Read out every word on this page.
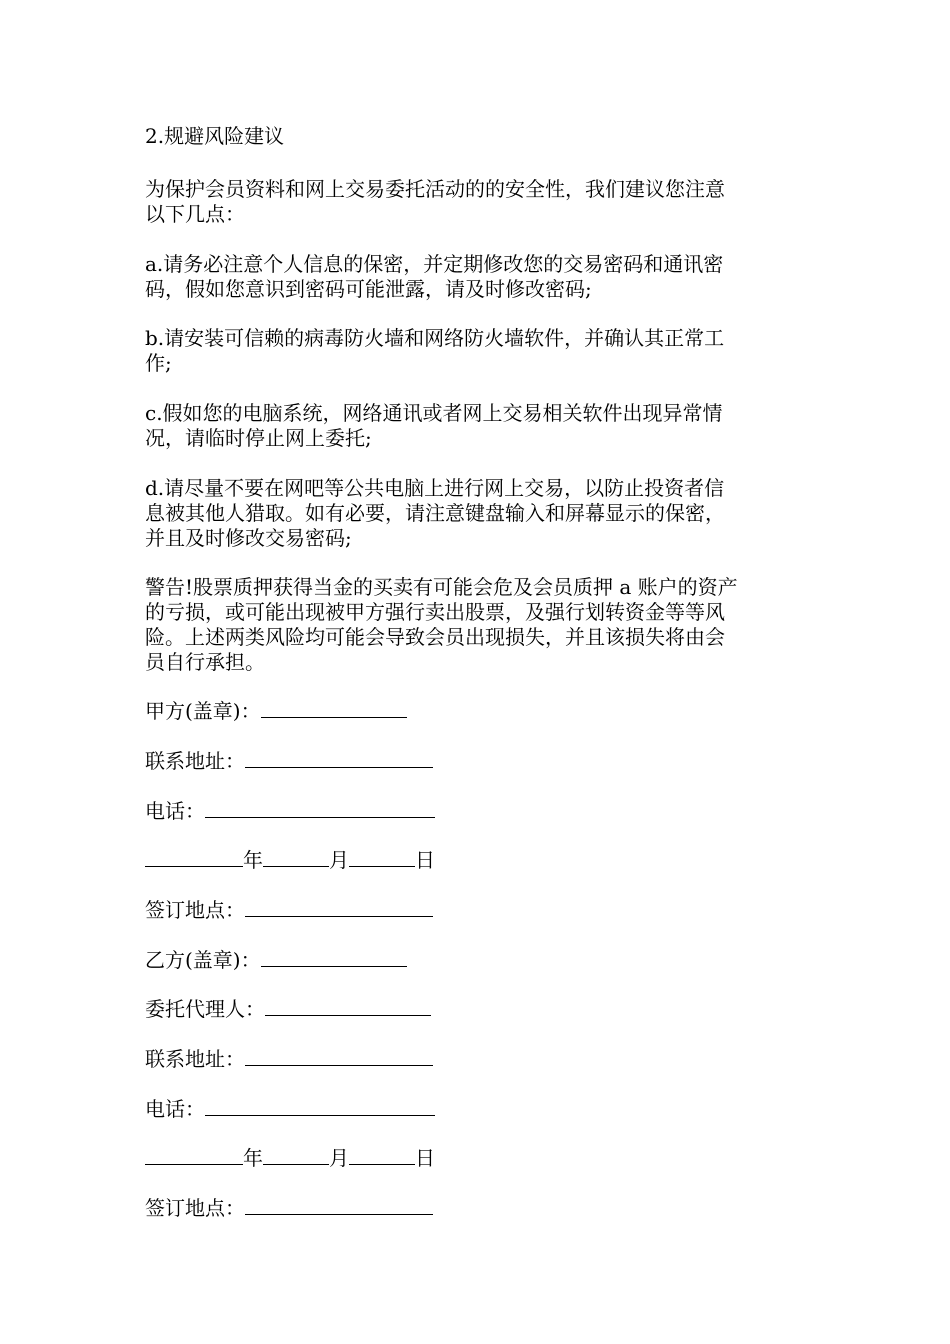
2.规避风险建议
为保护会员资料和网上交易委托活动的的安全性，我们建议您注意
以下几点：
a.请务必注意个人信息的保密，并定期修改您的交易密码和通讯密
码，假如您意识到密码可能泄露，请及时修改密码;
b.请安装可信赖的病毒防火墙和网络防火墙软件，并确认其正常工
作;
c.假如您的电脑系统，网络通讯或者网上交易相关软件出现异常情
况，请临时停止网上委托;
d.请尽量不要在网吧等公共电脑上进行网上交易，以防止投资者信
息被其他人猎取。如有必要，请注意键盘输入和屏幕显示的保密，
并且及时修改交易密码;
警告!股票质押获得当金的买卖有可能会危及会员质押 a 账户的资产
的亏损，或可能出现被甲方强行卖出股票，及强行划转资金等等风
险。上述两类风险均可能会导致会员出现损失，并且该损失将由会
员自行承担。
甲方(盖章)：
联系地址：
电话：
年	月	日
签订地点：
乙方(盖章)：
委托代理人：
联系地址：
电话：
年	月	日
签订地点：
